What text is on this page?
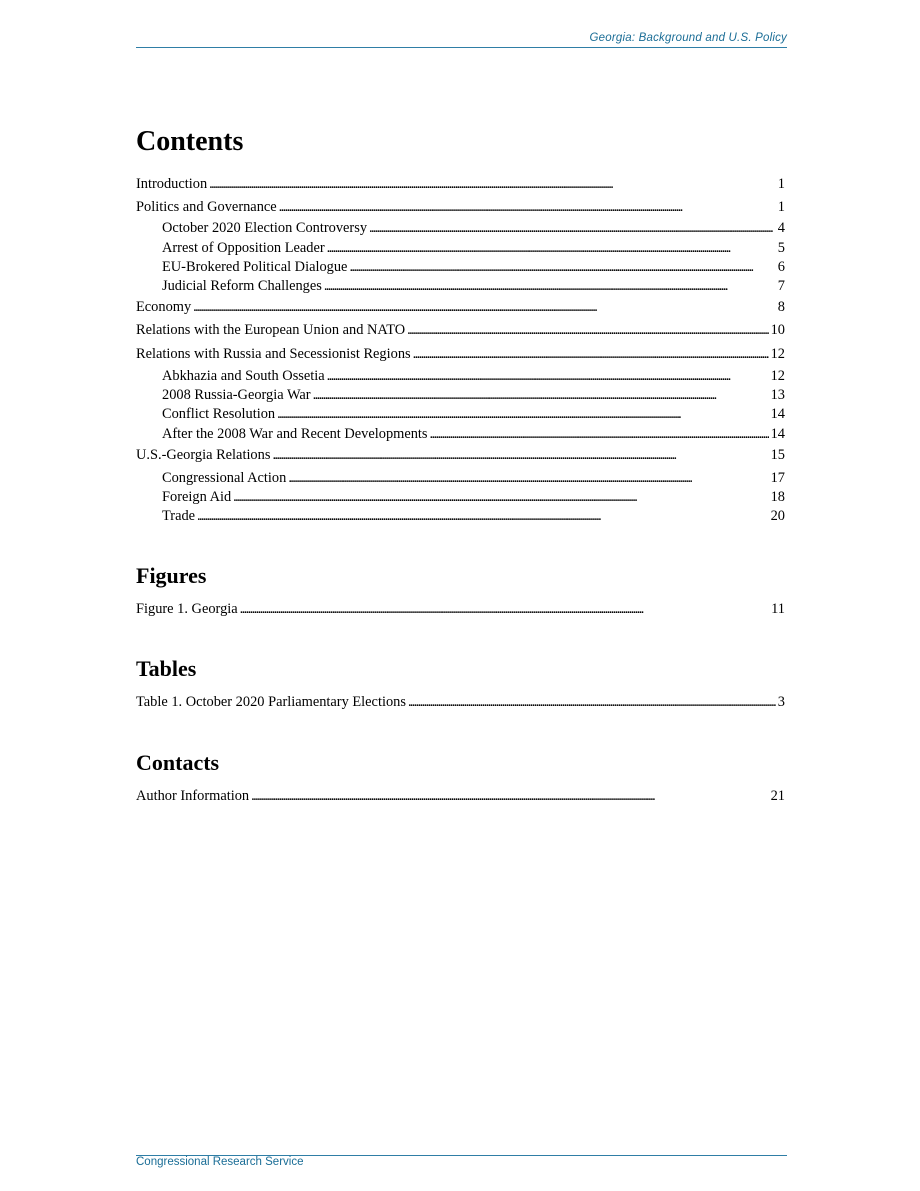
Georgia: Background and U.S. Policy
Contents
Introduction . . .	1
Politics and Governance . . .	1
October 2020 Election Controversy . . .	4
Arrest of Opposition Leader . . .	5
EU-Brokered Political Dialogue . . .	6
Judicial Reform Challenges . . .	7
Economy . . .	8
Relations with the European Union and NATO . . .	10
Relations with Russia and Secessionist Regions . . .	12
Abkhazia and South Ossetia . . .	12
2008 Russia-Georgia War . . .	13
Conflict Resolution . . .	14
After the 2008 War and Recent Developments . . .	14
U.S.-Georgia Relations . . .	15
Congressional Action . . .	17
Foreign Aid . . .	18
Trade . . .	20
Figures
Figure 1. Georgia . . .	11
Tables
Table 1. October 2020 Parliamentary Elections . . .	3
Contacts
Author Information . . .	21
Congressional Research Service
